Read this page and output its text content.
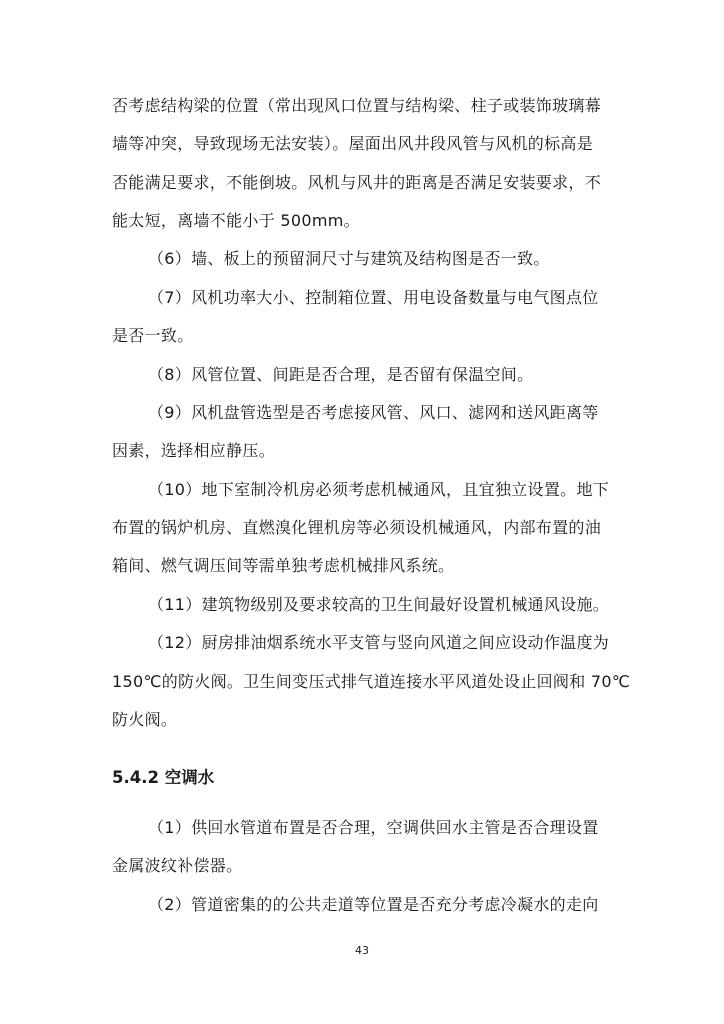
否考虑结构梁的位置（常出现风口位置与结构梁、柱子或装饰玻璃幕
墙等冲突，导致现场无法安装）。屋面出风井段风管与风机的标高是
否能满足要求，不能倒坡。风机与风井的距离是否满足安装要求，不
能太短，离墙不能小于 500mm。
（6）墙、板上的预留洞尺寸与建筑及结构图是否一致。
（7）风机功率大小、控制箱位置、用电设备数量与电气图点位
是否一致。
（8）风管位置、间距是否合理，是否留有保温空间。
（9）风机盘管选型是否考虑接风管、风口、滤网和送风距离等
因素，选择相应静压。
（10）地下室制冷机房必须考虑机械通风，且宜独立设置。地下
布置的锅炉机房、直燃溴化锂机房等必须设机械通风，内部布置的油
箱间、燃气调压间等需单独考虑机械排风系统。
（11）建筑物级别及要求较高的卫生间最好设置机械通风设施。
（12）厨房排油烟系统水平支管与竖向风道之间应设动作温度为
150℃的防火阀。卫生间变压式排气道连接水平风道处设止回阀和 70℃
防火阀。
5.4.2 空调水
（1）供回水管道布置是否合理，空调供回水主管是否合理设置
金属波纹补偿器。
（2）管道密集的的公共走道等位置是否充分考虑冷凝水的走向
43
